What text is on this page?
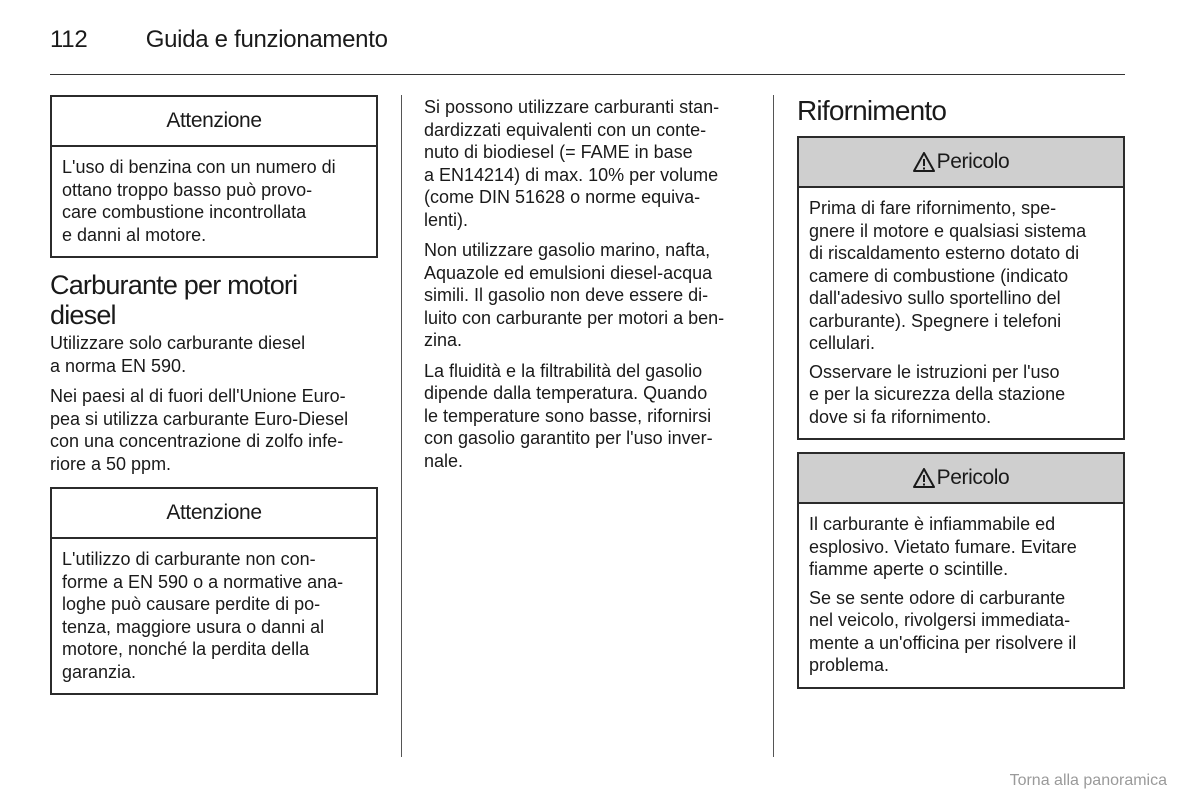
112 Guida e funzionamento
Attenzione

L'uso di benzina con un numero di
ottano troppo basso può provo-
care combustione incontrollata
e danni al motore.

Carburante per motori
diesel

Utilizzare solo carburante diesel
a norma EN 590.

Nei paesi al di fuori dell'Unione Euro-
pea si utilizza carburante Euro-Diesel
con una concentrazione di zolfo infe-
riore a 50 ppm.

Attenzione

L'utilizzo di carburante non con-
forme a EN 590 o a normative ana-
loghe può causare perdite di po-
tenza, maggiore usura o danni al
motore, nonché la perdita della
garanzia.

Si possono utilizzare carburanti stan-
dardizzati equivalenti con un conte-
nuto di biodiesel (= FAME in base
a EN14214) di max. 10% per volume
(come DIN 51628 o norme equiva-
lenti).

Non utilizzare gasolio marino, nafta,
Aquazole ed emulsioni diesel-acqua
simili. Il gasolio non deve essere di-
luito con carburante per motori a ben-
zina.

La fluidità e la filtrabilità del gasolio
dipende dalla temperatura. Quando
le temperature sono basse, rifornirsi
con gasolio garantito per l'uso inver-
nale.

Rifornimento
Pericolo

Prima di fare rifornimento, spe-
gnere il motore e qualsiasi sistema
di riscaldamento esterno dotato di
camere di combustione (indicato
dall'adesivo sullo sportellino del
carburante). Spegnere i telefoni
cellulari.

Osservare le istruzioni per l'uso
e per la sicurezza della stazione
dove si fa rifornimento.

Pericolo

Il carburante è infiammabile ed
esplosivo. Vietato fumare. Evitare
fiamme aperte o scintille.

Se se sente odore di carburante
nel veicolo, rivolgersi immediata-
mente a un'officina per risolvere il
problema.

Torna alla panoramica
